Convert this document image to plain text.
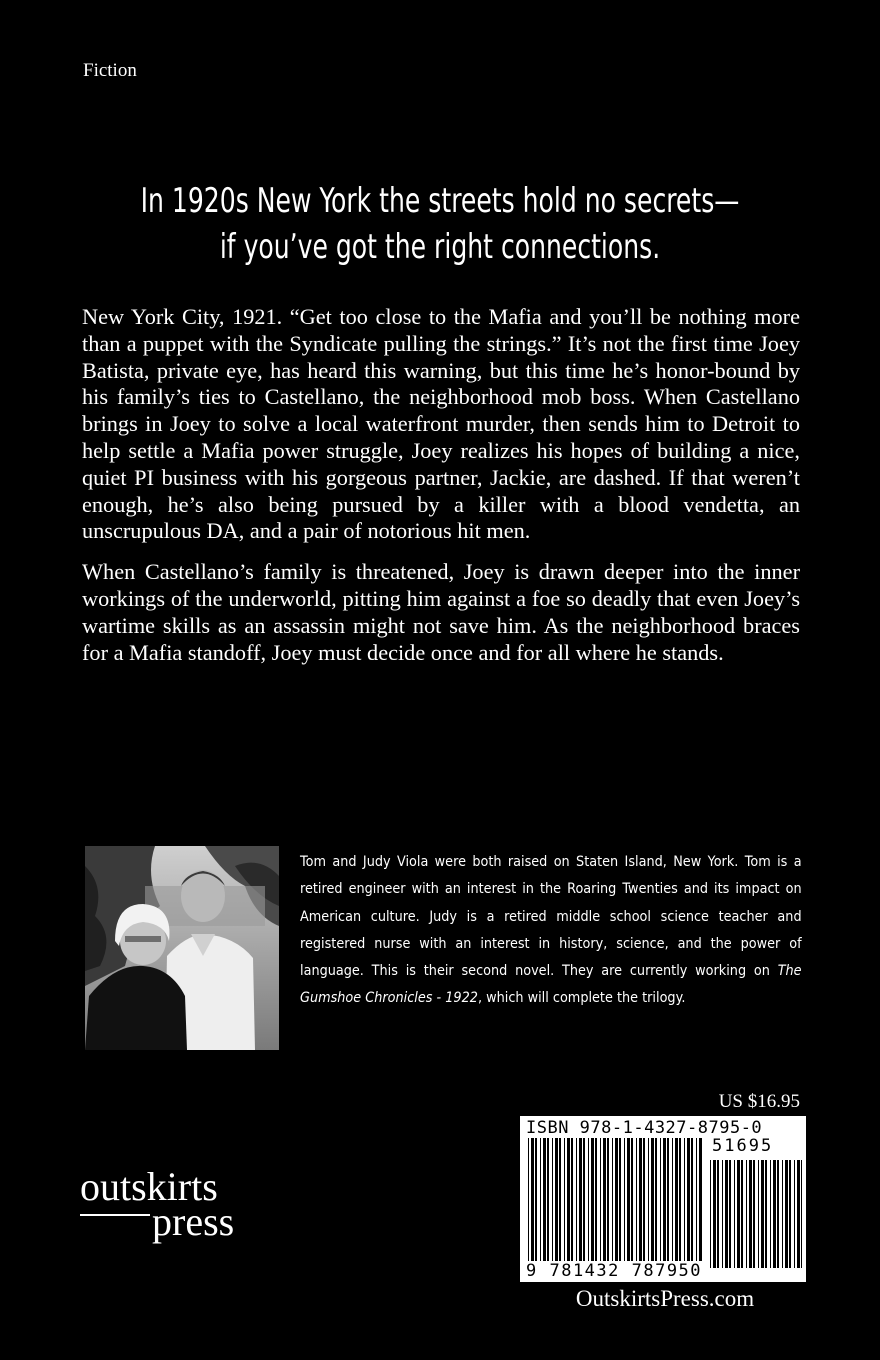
Fiction
In 1920s New York the streets hold no secrets—
if you’ve got the right connections.

New York City, 1921. “Get too close to the Mafia and you’ll be nothing more than a puppet with the Syndicate pulling the strings.” It’s not the first time Joey Batista, private eye, has heard this warning, but this time he’s honor-bound by his family’s ties to Castellano, the neighborhood mob boss. When Castellano brings in Joey to solve a local waterfront murder, then sends him to Detroit to help settle a Mafia power struggle, Joey realizes his hopes of building a nice, quiet PI business with his gorgeous partner, Jackie, are dashed. If that weren’t enough, he’s also being pursued by a killer with a blood vendetta, an unscrupulous DA, and a pair of notorious hit men.

When Castellano’s family is threatened, Joey is drawn deeper into the inner workings of the underworld, pitting him against a foe so deadly that even Joey’s wartime skills as an assassin might not save him. As the neighborhood braces for a Mafia standoff, Joey must decide once and for all where he stands.

Tom and Judy Viola were both raised on Staten Island, New York. Tom is a retired engineer with an interest in the Roaring Twenties and its impact on American culture. Judy is a retired middle school science teacher and registered nurse with an interest in history, science, and the power of language. This is their second novel. They are currently working on The Gumshoe Chronicles - 1922, which will complete the trilogy.
US $16.95
ISBN 978-1-4327-8795-0
51695
9 781432 787950
outskirts
press
OutskirtsPress.com
